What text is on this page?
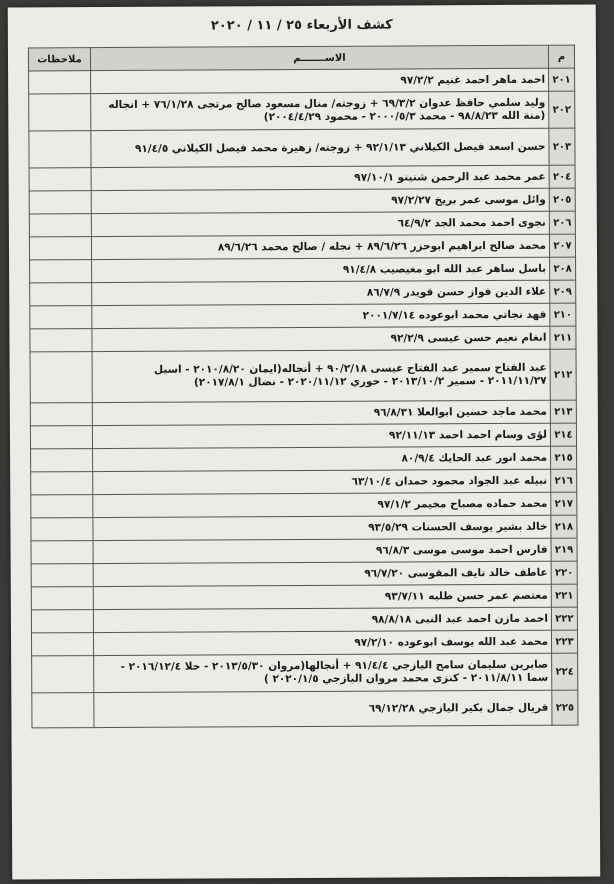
كشف الأربعاء ٢٥ / ١١ / ٢٠٢٠
م	الاســـــــم	ملاحظات
٢٠١	احمد ماهر احمد غنيم ٩٧/٢/٢	
٢٠٢	وليد سلمي حافظ عدوان ٦٩/٣/٢ + زوجته/ منال مسعود صالح مرتجى ٧٦/١/٢٨ + انجاله (منة الله ٩٨/٨/٢٣ - محمد ٢٠٠٠/٥/٣ - محمود ٢٠٠٤/٤/٢٩)	
٢٠٣	حسن اسعد فيصل الكيلاني ٩٢/١/١٣ + زوجته/ زهيرة محمد فيصل الكيلاني ٩١/٤/٥	
٢٠٤	عمر محمد عبد الرحمن شنينو ٩٧/١٠/١	
٢٠٥	وائل موسى عمر بريخ ٩٧/٢/٢٧	
٢٠٦	نجوى احمد محمد الجد ٦٤/٩/٢	
٢٠٧	محمد صالح ابراهيم ابوحزر ٨٩/٦/٢٦ + نجله / صالح محمد ٨٩/٦/٢٦	
٢٠٨	باسل ساهر عبد الله ابو مغيصيب ٩١/٤/٨	
٢٠٩	علاء الدين فواز حسن قويدر ٨٦/٧/٩	
٢١٠	فهد نجاتي محمد ابوعوده ٢٠٠١/٧/١٤	
٢١١	انغام نعيم حسن عيسى ٩٢/٢/٩	
٢١٢	عبد الفتاح سمير عبد الفتاح عيسى ٩٠/٢/١٨ + أنجاله(ايمان ٢٠١٠/٨/٢٠ - اسيل ٢٠١١/١١/٢٧ - سمير ٢٠١٣/١٠/٢ - حوري ٢٠٢٠/١١/١٢ - نضال ٢٠١٧/٨/١)	
٢١٣	محمد ماجد حسين ابوالعلا ٩٦/٨/٣١	
٢١٤	لؤى وسام احمد احمد ٩٢/١١/١٣	
٢١٥	محمد انور عبد الحايك ٨٠/٩/٤	
٢١٦	نبيله عبد الجواد محمود حمدان ٦٣/١٠/٤	
٢١٧	محمد حماده مصباح مخيمر ٩٧/١/٢	
٢١٨	خالد بشير يوسف الحسنات ٩٣/٥/٢٩	
٢١٩	فارس احمد موسى موسى ٩٦/٨/٣	
٢٢٠	عاطف خالد نايف المقوسى ٩٦/٧/٢٠	
٢٢١	معتصم عمر حسن طلبه ٩٣/٧/١١	
٢٢٢	احمد مازن احمد عبد النبى ٩٨/٨/١٨	
٢٢٣	محمد عبد الله يوسف ابوعوده ٩٧/٢/١٠	
٢٢٤	صابرين سليمان سامح اليازجي ٩١/٤/٤ + أنجالها(مروان ٢٠١٣/٥/٣٠ - حلا ٢٠١٦/١٢/٤ - سما ٢٠١١/٨/١١ - كنزى محمد مروان اليازجي ٢٠٢٠/١/٥ )	
٢٢٥	فريال جمال بكير اليازجي ٦٩/١٢/٢٨	
